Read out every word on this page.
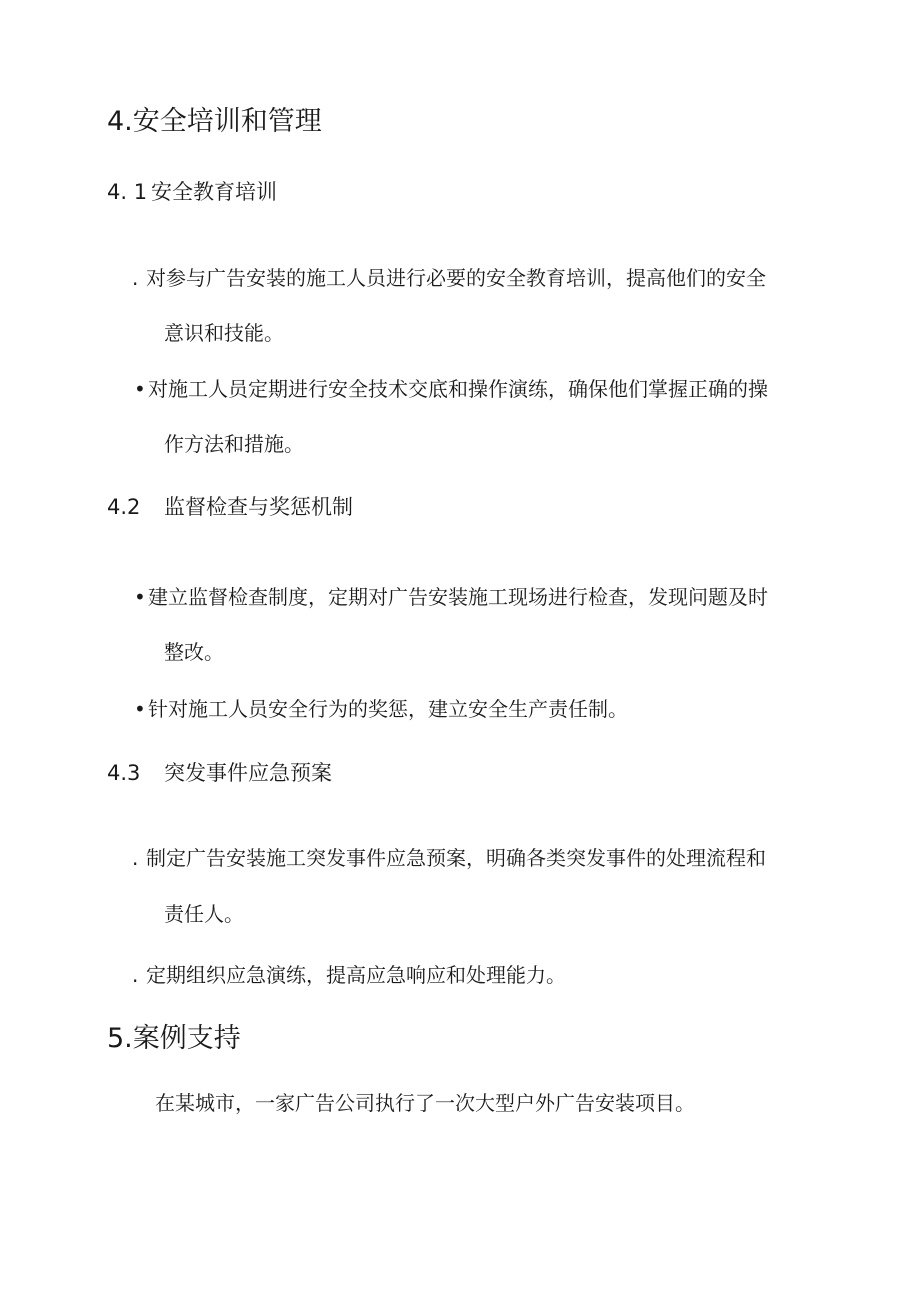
4.安全培训和管理
4. 1 安全教育培训
. 对参与广告安装的施工人员进行必要的安全教育培训，提高他们的安全
意识和技能。
• 对施工人员定期进行安全技术交底和操作演练，确保他们掌握正确的操
作方法和措施。
4.2 监督检查与奖惩机制
• 建立监督检查制度，定期对广告安装施工现场进行检查，发现问题及时
整改。
• 针对施工人员安全行为的奖惩，建立安全生产责任制。
4.3 突发事件应急预案
. 制定广告安装施工突发事件应急预案，明确各类突发事件的处理流程和
责任人。
. 定期组织应急演练，提高应急响应和处理能力。
5.案例支持
在某城市，一家广告公司执行了一次大型户外广告安装项目。
